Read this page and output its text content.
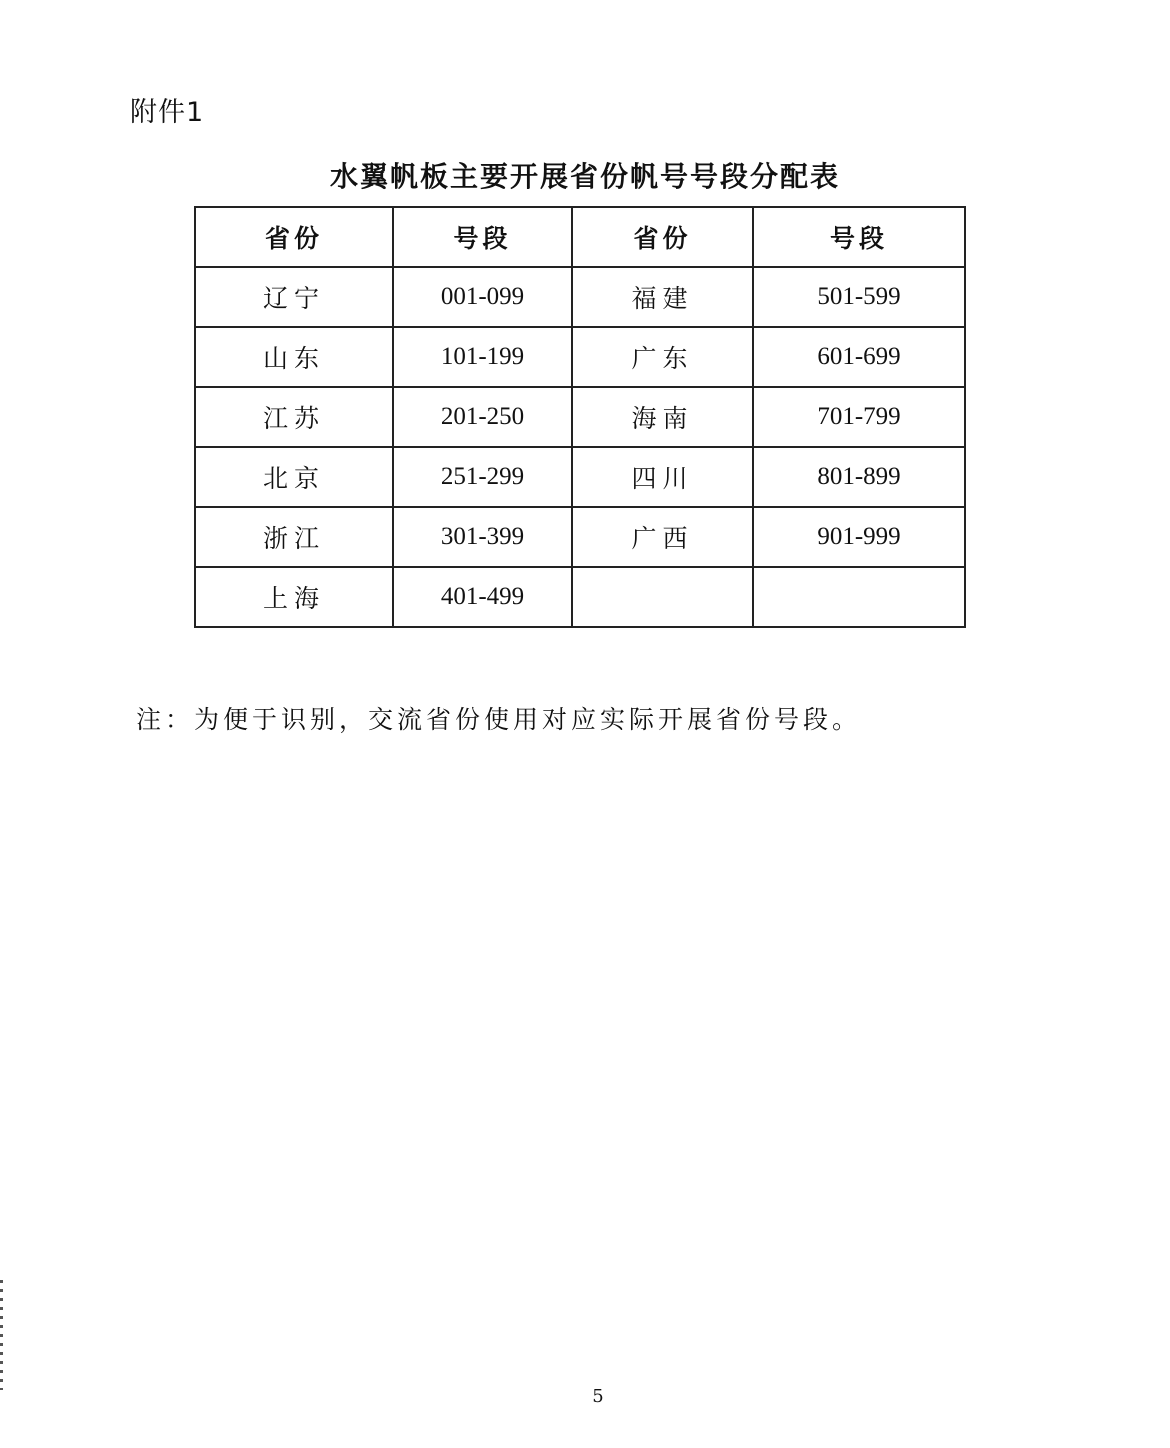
附件1
水翼帆板主要开展省份帆号号段分配表
省份	号段	省份	号段
辽宁	001-099	福建	501-599
山东	101-199	广东	601-699
江苏	201-250	海南	701-799
北京	251-299	四川	801-899
浙江	301-399	广西	901-999
上海	401-499		
注：为便于识别，交流省份使用对应实际开展省份号段。
5
